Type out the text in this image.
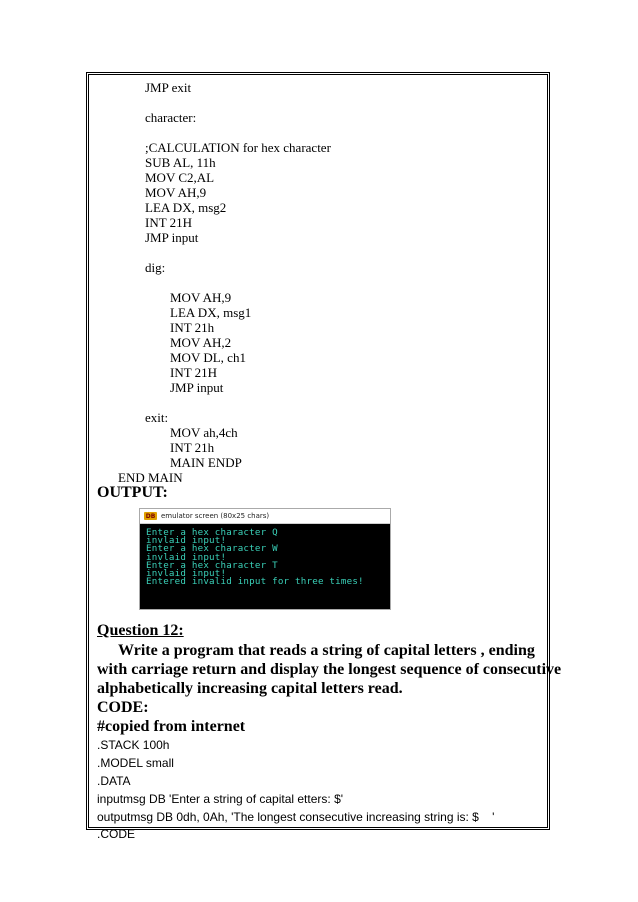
JMP exit
character:
;CALCULATION for hex character
SUB AL, 11h
MOV C2,AL
MOV AH,9
LEA DX, msg2
INT 21H
JMP input
dig:
MOV AH,9
LEA DX, msg1
INT 21h
MOV AH,2
MOV DL, ch1
INT 21H
JMP input
exit:
MOV ah,4ch
INT 21h
MAIN ENDP
END MAIN
OUTPUT:
DB emulator screen (80x25 chars)
Enter a hex character Q
invlaid input!
Enter a hex character W
invlaid input!
Enter a hex character T
invlaid input!
Entered invalid input for three times!
Question 12:
Write a program that reads a string of capital letters , ending
with carriage return and display the longest sequence of consecutive
alphabetically increasing capital letters read.
CODE:
#copied from internet
.STACK 100h
.MODEL small
.DATA
inputmsg DB 'Enter a string of capital etters: $'
outputmsg DB 0dh, 0Ah, 'The longest consecutive increasing string is: $    '
.CODE
